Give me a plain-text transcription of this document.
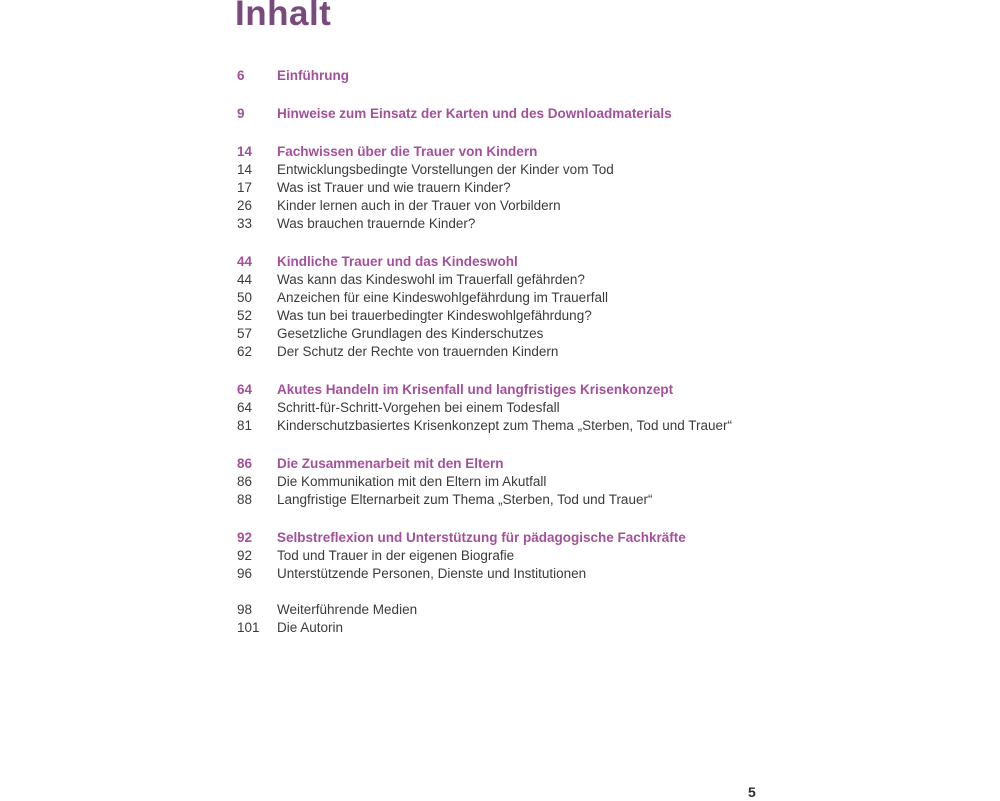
Inhalt
6	Einführung
9	Hinweise zum Einsatz der Karten und des Downloadmaterials
14	Fachwissen über die Trauer von Kindern
14	Entwicklungsbedingte Vorstellungen der Kinder vom Tod
17	Was ist Trauer und wie trauern Kinder?
26	Kinder lernen auch in der Trauer von Vorbildern
33	Was brauchen trauernde Kinder?
44	Kindliche Trauer und das Kindeswohl
44	Was kann das Kindeswohl im Trauerfall gefährden?
50	Anzeichen für eine Kindeswohlgefährdung im Trauerfall
52	Was tun bei trauerbedingter Kindeswohlgefährdung?
57	Gesetzliche Grundlagen des Kinderschutzes
62	Der Schutz der Rechte von trauernden Kindern
64	Akutes Handeln im Krisenfall und langfristiges Krisenkonzept
64	Schritt-für-Schritt-Vorgehen bei einem Todesfall
81	Kinderschutzbasiertes Krisenkonzept zum Thema „Sterben, Tod und Trauer“
86	Die Zusammenarbeit mit den Eltern
86	Die Kommunikation mit den Eltern im Akutfall
88	Langfristige Elternarbeit zum Thema „Sterben, Tod und Trauer“
92	Selbstreflexion und Unterstützung für pädagogische Fachkräfte
92	Tod und Trauer in der eigenen Biografie
96	Unterstützende Personen, Dienste und Institutionen
98	Weiterführende Medien
101	Die Autorin
5
